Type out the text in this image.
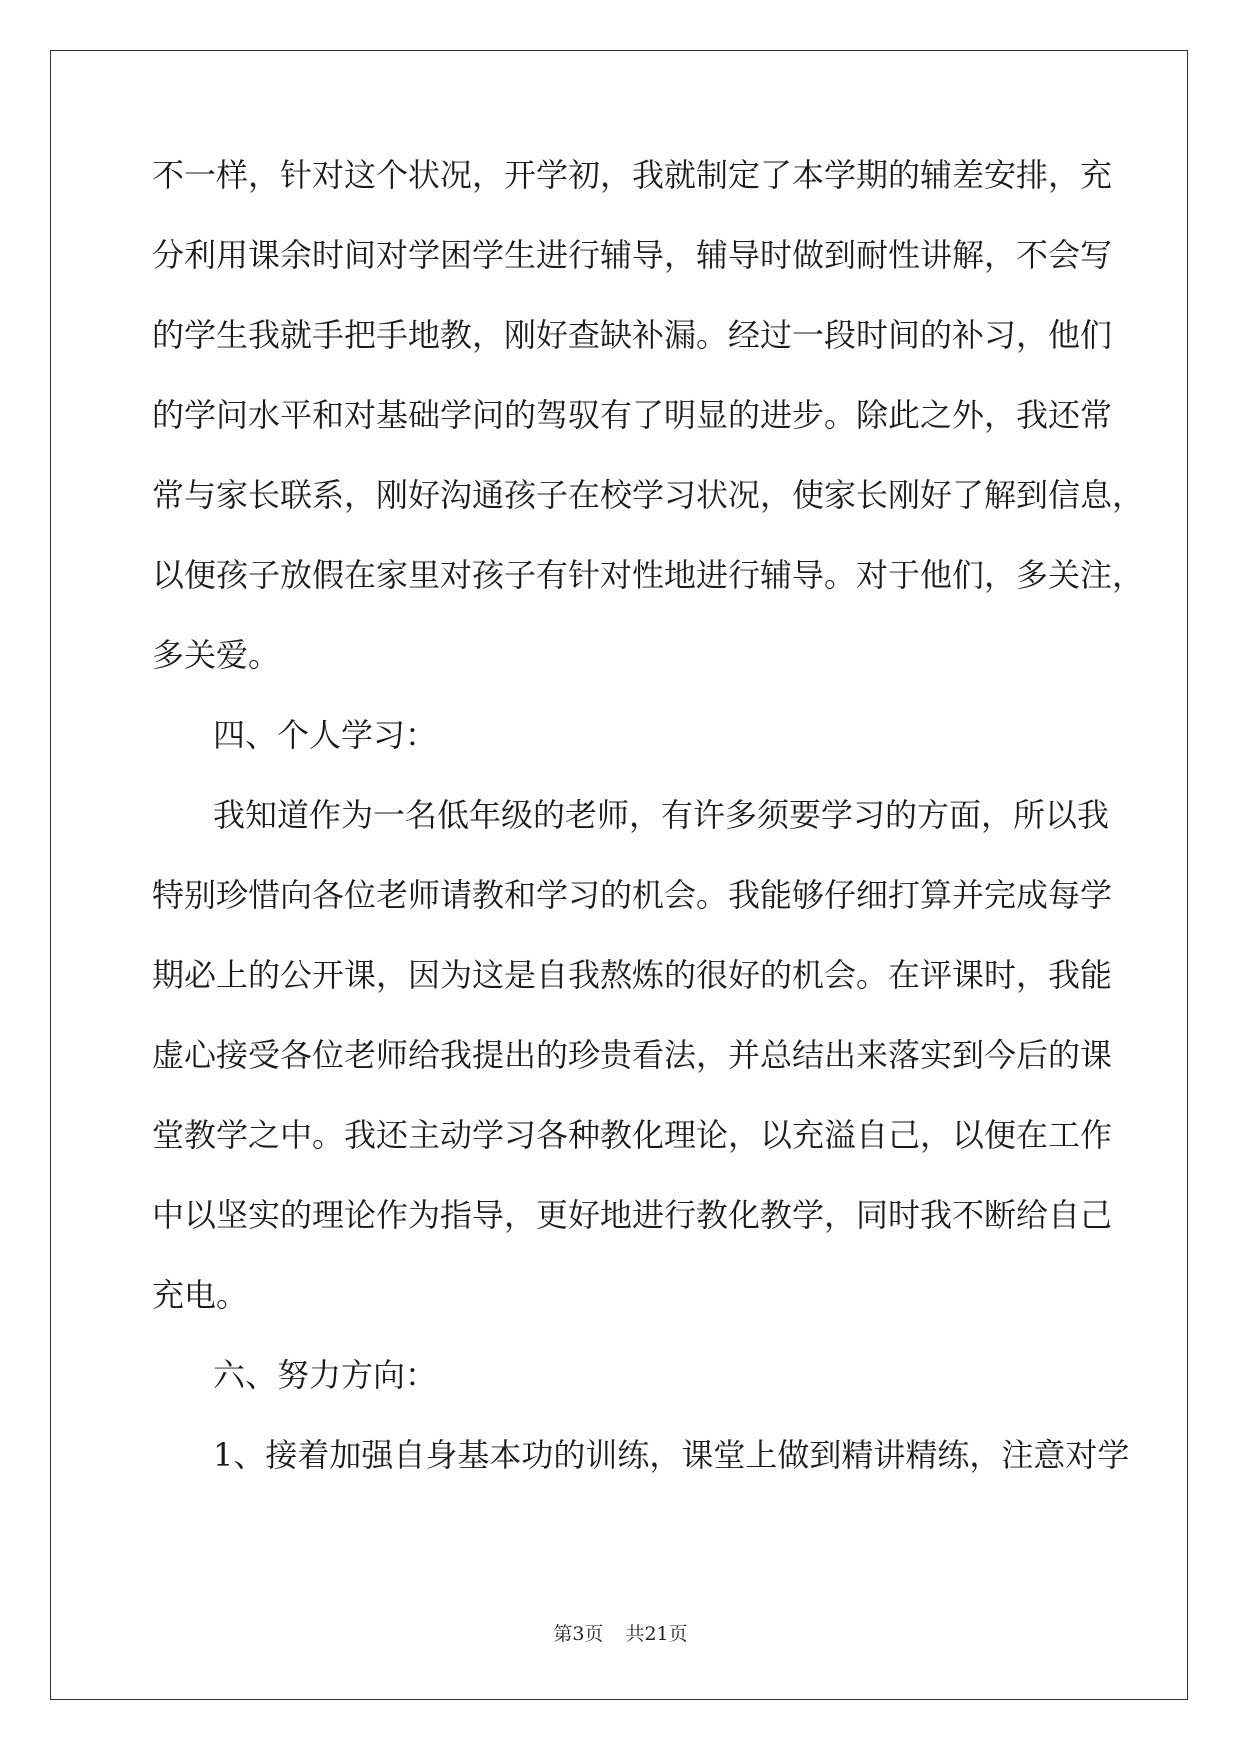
不一样，针对这个状况，开学初，我就制定了本学期的辅差安排，充
分利用课余时间对学困学生进行辅导，辅导时做到耐性讲解，不会写
的学生我就手把手地教，刚好查缺补漏。经过一段时间的补习，他们
的学问水平和对基础学问的驾驭有了明显的进步。除此之外，我还常
常与家长联系，刚好沟通孩子在校学习状况，使家长刚好了解到信息，
以便孩子放假在家里对孩子有针对性地进行辅导。对于他们，多关注，
多关爱。
四、个人学习：
我知道作为一名低年级的老师，有许多须要学习的方面，所以我
特别珍惜向各位老师请教和学习的机会。我能够仔细打算并完成每学
期必上的公开课，因为这是自我熬炼的很好的机会。在评课时，我能
虚心接受各位老师给我提出的珍贵看法，并总结出来落实到今后的课
堂教学之中。我还主动学习各种教化理论，以充溢自己，以便在工作
中以坚实的理论作为指导，更好地进行教化教学，同时我不断给自己
充电。
六、努力方向：
1、接着加强自身基本功的训练，课堂上做到精讲精练，注意对学
第3页 共21页
